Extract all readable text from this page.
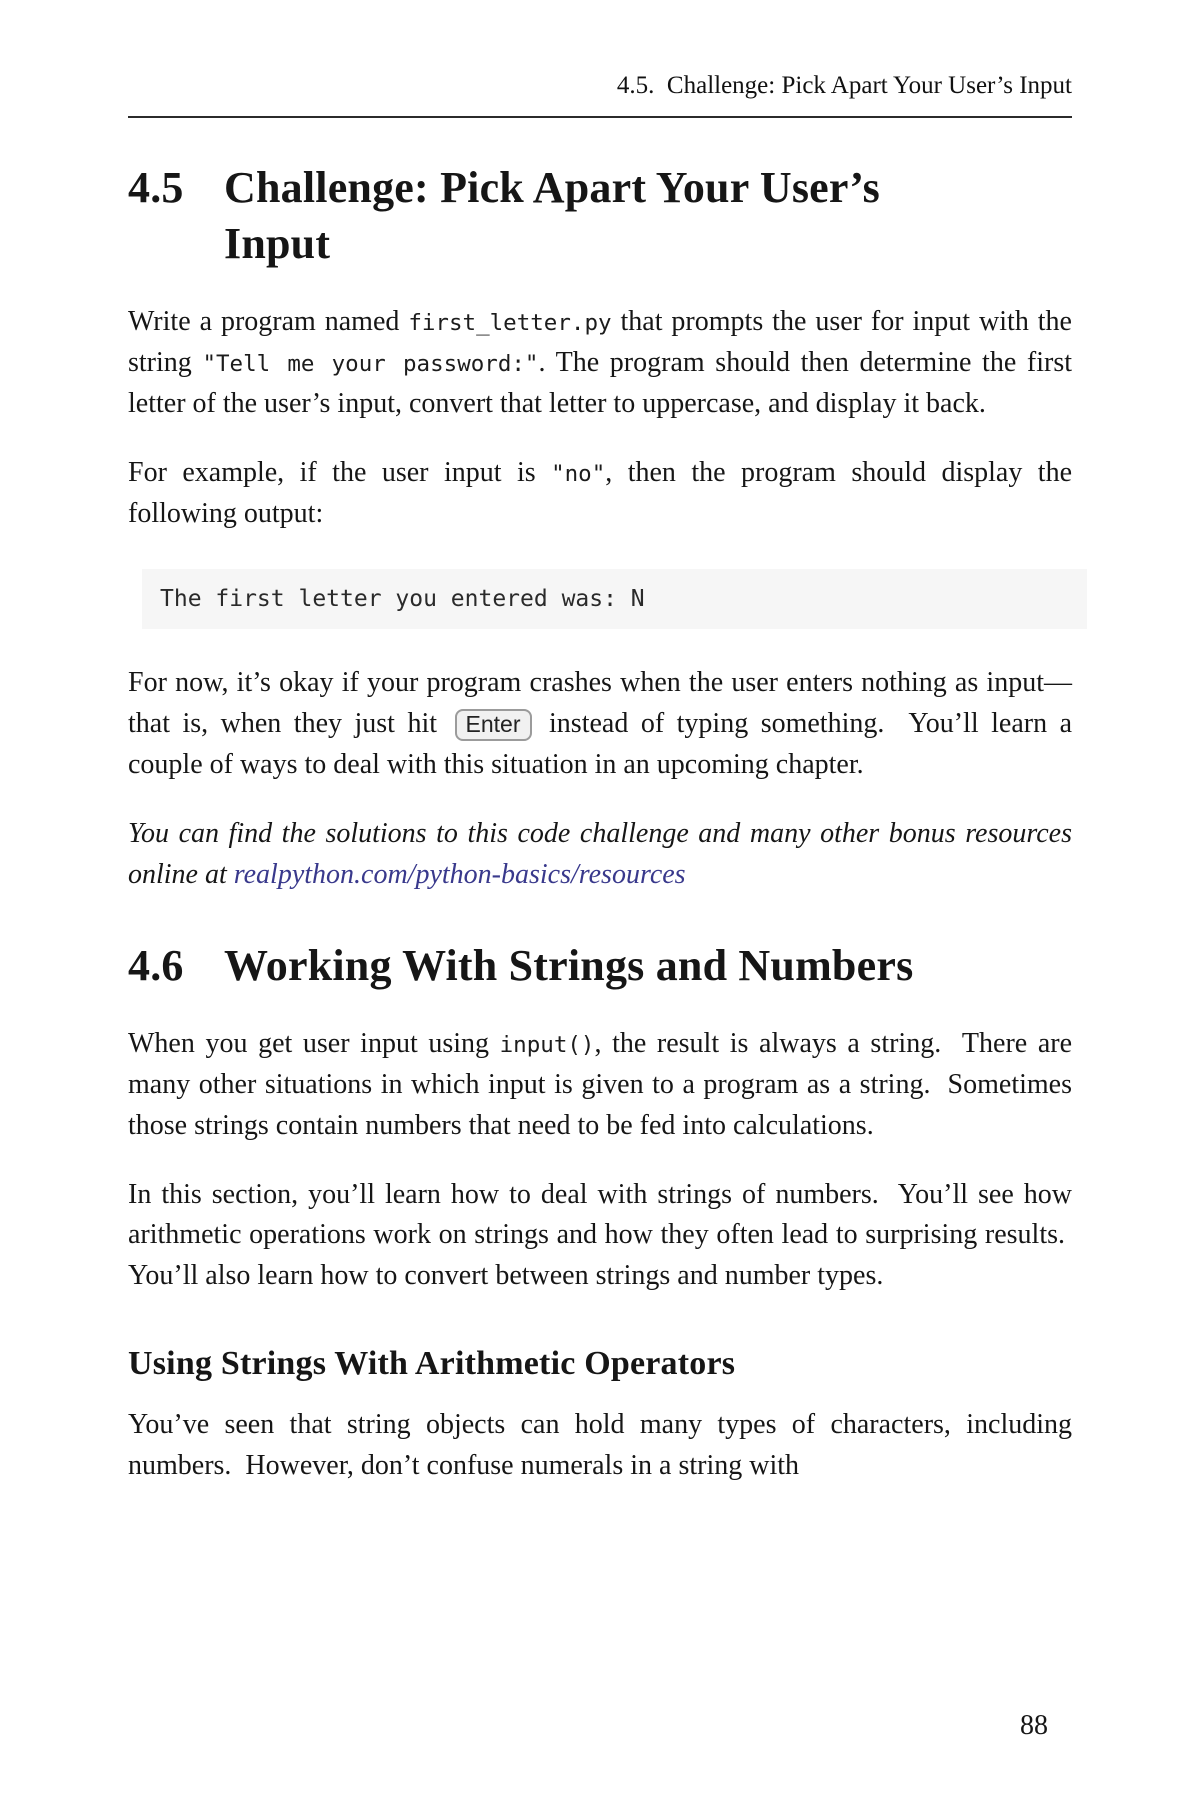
4.5. Challenge: Pick Apart Your User’s Input
4.5 Challenge: Pick Apart Your User’s Input

Write a program named first_letter.py that prompts the user for input with the string "Tell me your password:". The program should then determine the first letter of the user’s input, convert that letter to uppercase, and display it back.

For example, if the user input is "no", then the program should display the following output:

The first letter you entered was: N

For now, it’s okay if your program crashes when the user enters nothing as input—that is, when they just hit Enter instead of typing something.  You’ll learn a couple of ways to deal with this situation in an upcoming chapter.

You can find the solutions to this code challenge and many other bonus resources online at realpython.com/python-basics/resources

4.6 Working With Strings and Numbers

When you get user input using input(), the result is always a string.  There are many other situations in which input is given to a program as a string.  Sometimes those strings contain numbers that need to be fed into calculations.

In this section, you’ll learn how to deal with strings of numbers.  You’ll see how arithmetic operations work on strings and how they often lead to surprising results.  You’ll also learn how to convert between strings and number types.

Using Strings With Arithmetic Operators

You’ve seen that string objects can hold many types of characters, including numbers.  However, don’t confuse numerals in a string with

88
